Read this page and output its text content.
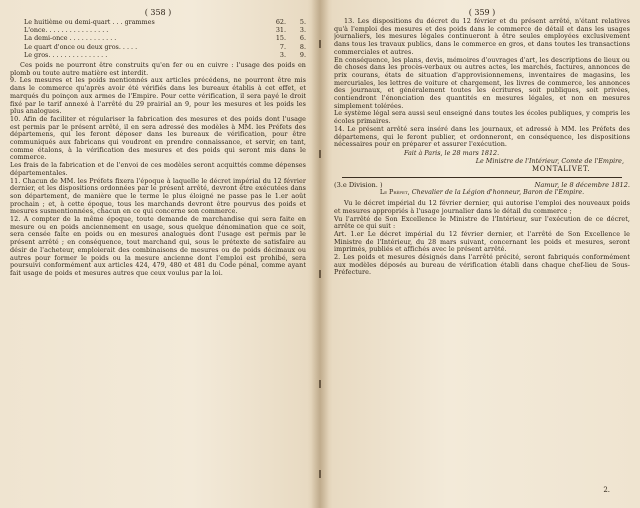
( 358 )
Le huitième ou demi-quart . . . grammes	62.	5.
L'once. . . . . . . . . . . . . . . .	31.	3.
La demi-once . . . . . . . . . . . .	15.	6.
Le quart d'once ou deux gros. . . . .	7.	8.
Le gros. . . . . . . . . . . . . . .	3.	9.

Ces poids ne pourront être construits qu'en fer ou en cuivre : l'usage des poids en plomb ou toute autre matière est interdit.

9. Les mesures et les poids mentionnés aux articles précédens, ne pourront être mis dans le commerce qu'après avoir été vérifiés dans les bureaux établis à cet effet, et marqués du poinçon aux armes de l'Empire. Pour cette vérification, il sera payé le droit fixé par le tarif annexé à l'arrêté du 29 prairial an 9, pour les mesures et les poids les plus analogues.

10. Afin de faciliter et régulariser la fabrication des mesures et des poids dont l'usage est permis par le présent arrêté, il en sera adressé des modèles à MM. les Préfets des départemens, qui les feront déposer dans les bureaux de vérification, pour être communiqués aux fabricans qui voudront en prendre connaissance, et servir, en tant, comme étalons, à la vérification des mesures et des poids qui seront mis dans le commerce.

Les frais de la fabrication et de l'envoi de ces modèles seront acquittés comme dépenses départementales.

11. Chacun de MM. les Préfets fixera l'époque à laquelle le décret impérial du 12 février dernier, et les dispositions ordonnées par le présent arrêté, devront être exécutées dans son département, de manière que le terme le plus éloigné ne passe pas le 1.er août prochain ; et, à cette époque, tous les marchands devront être pourvus des poids et mesures susmentionnées, chacun en ce qui concerne son commerce.

12. A compter de la même époque, toute demande de marchandise qui sera faite en mesure ou en poids anciennement en usage, sous quelque dénomination que ce soit, sera censée faite en poids ou en mesures analogues dont l'usage est permis par le présent arrêté ; en conséquence, tout marchand qui, sous le prétexte de satisfaire au désir de l'acheteur, emploierait des combinaisons de mesures ou de poids décimaux ou autres pour former le poids ou la mesure ancienne dont l'emploi est prohibé, sera poursuivi conformément aux articles 424, 479, 480 et 481 du Code pénal, comme ayant fait usage de poids et mesures autres que ceux voulus par la loi.

( 359 )

13. Les dispositions du décret du 12 février et du présent arrêté, n'étant relatives qu'à l'emploi des mesures et des poids dans le commerce de détail et dans les usages journaliers, les mesures légales continueront à être seules employées exclusivement dans tous les travaux publics, dans le commerce en gros, et dans toutes les transactions commerciales et autres.

En conséquence, les plans, devis, mémoires d'ouvrages d'art, les descriptions de lieux ou de choses dans les procès-verbaux ou autres actes, les marchés, factures, annonces de prix courans, états de situation d'approvisionnemens, inventaires de magasins, les mercuriales, les lettres de voiture et chargement, les livres de commerce, les annonces des journaux, et généralement toutes les écritures, soit publiques, soit privées, contiendront l'énonciation des quantités en mesures légales, et non en mesures simplement tolérées.

Le système légal sera aussi seul enseigné dans toutes les écoles publiques, y compris les écoles primaires.

14. Le présent arrêté sera inséré dans les journaux, et adressé à MM. les Préfets des départemens, qui le feront publier, et ordonneront, en conséquence, les dispositions nécessaires pour en préparer et assurer l'exécution.

Fait à Paris, le 28 mars 1812.
Le Ministre de l'Intérieur, Comte de l'Empire,
MONTALIVET.
(3.e Division. )	Namur, le 8 décembre 1812.
Le Préfet, Chevalier de la Légion d'honneur, Baron de l'Empire.

Vu le décret impérial du 12 février dernier, qui autorise l'emploi des nouveaux poids et mesures appropriés à l'usage journalier dans le détail du commerce ;

Vu l'arrêté de Son Excellence le Ministre de l'Intérieur, sur l'exécution de ce décret, arrête ce qui suit :

Art. 1.er Le décret impérial du 12 février dernier, et l'arrêté de Son Excellence le Ministre de l'Intérieur, du 28 mars suivant, concernant les poids et mesures, seront imprimés, publiés et affichés avec le présent arrêté.

2. Les poids et mesures désignés dans l'arrêté précité, seront fabriqués conformément aux modèles déposés au bureau de vérification établi dans chaque chef-lieu de Sous-Préfecture.

2.
